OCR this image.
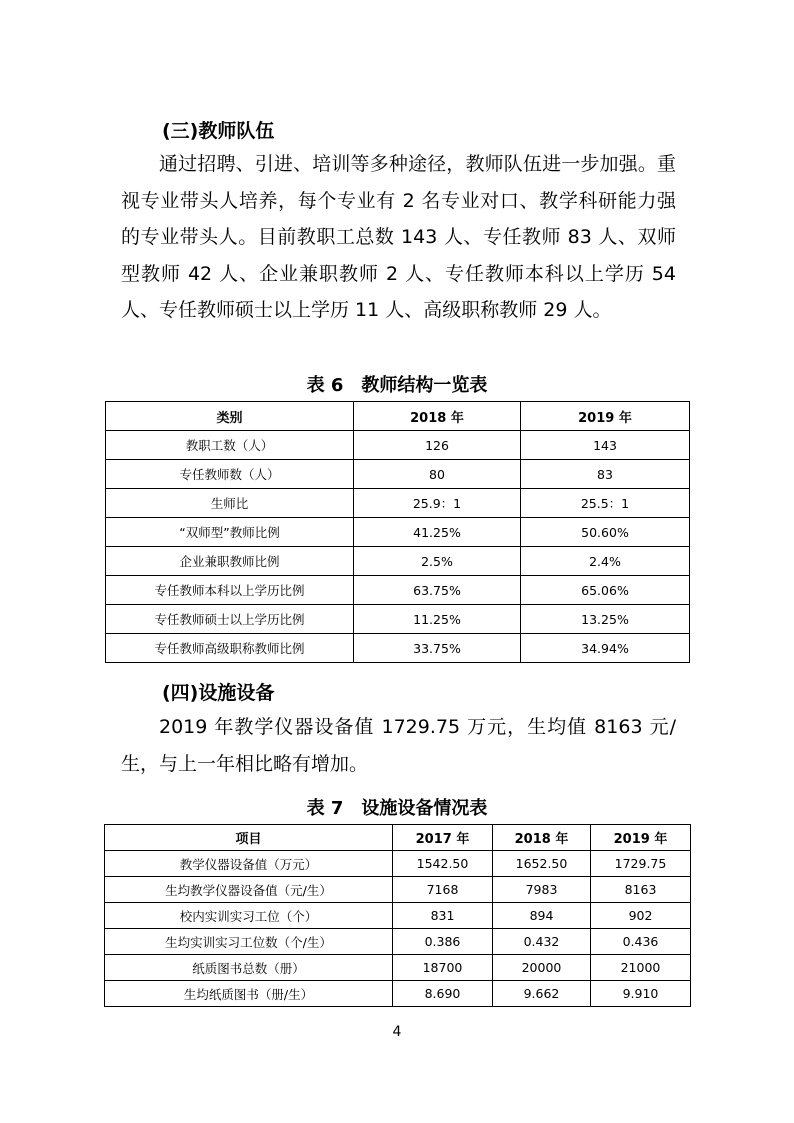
(三)教师队伍

通过招聘、引进、培训等多种途径，教师队伍进一步加强。重视专业带头人培养，每个专业有 2 名专业对口、教学科研能力强的专业带头人。目前教职工总数 143 人、专任教师 83 人、双师型教师 42 人、企业兼职教师 2 人、专任教师本科以上学历 54 人、专任教师硕士以上学历 11 人、高级职称教师 29 人。

表 6　教师结构一览表
类别	2018 年	2019 年
教职工数（人）	126	143
专任教师数（人）	80	83
生师比	25.9：1	25.5：1
“双师型”教师比例	41.25%	50.60%
企业兼职教师比例	2.5%	2.4%
专任教师本科以上学历比例	63.75%	65.06%
专任教师硕士以上学历比例	11.25%	13.25%
专任教师高级职称教师比例	33.75%	34.94%
(四)设施设备

2019 年教学仪器设备值 1729.75 万元，生均值 8163 元/生，与上一年相比略有增加。

表 7　设施设备情况表
项目	2017 年	2018 年	2019 年
教学仪器设备值（万元）	1542.50	1652.50	1729.75
生均教学仪器设备值（元/生）	7168	7983	8163
校内实训实习工位（个）	831	894	902
生均实训实习工位数（个/生）	0.386	0.432	0.436
纸质图书总数（册）	18700	20000	21000
生均纸质图书（册/生）	8.690	9.662	9.910
4
